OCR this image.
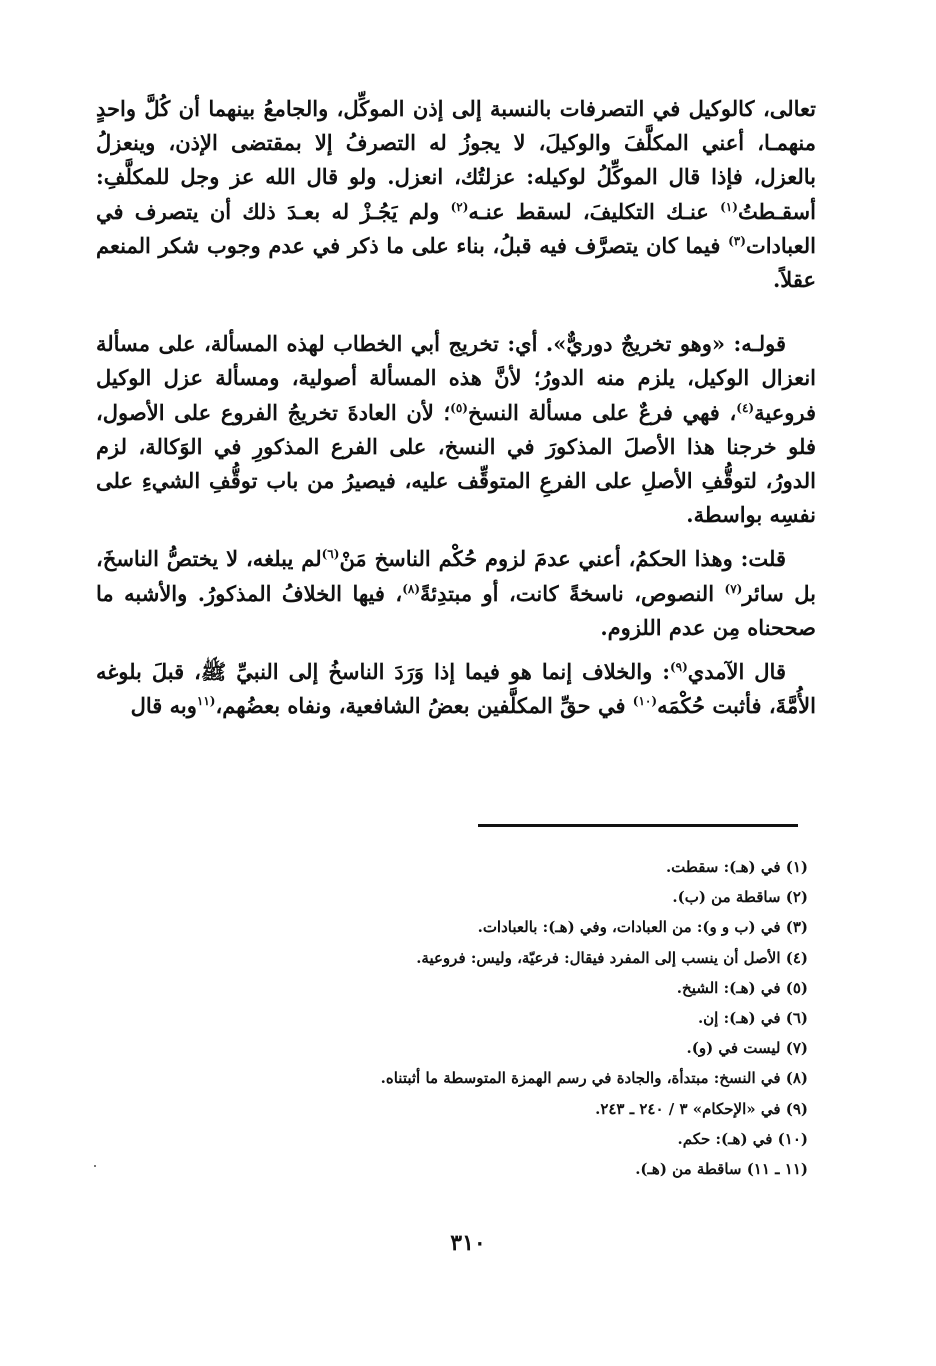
تعالى، كالوكيل في التصرفات بالنسبة إلى إذن الموكِّل، والجامعُ بينهما أن كُلَّ واحدٍ منهمـا، أعني المكلَّفَ والوكيلَ، لا يجوزُ له التصرفُ إلا بمقتضى الإذن، وينعزلُ بالعزل، فإذا قال الموكِّلُ لوكيله: عزلتُك، انعزل. ولو قال الله عز وجل للمكلَّفِ: أسقـطتُ$^{(١)}$ عنـك التكليفَ، لسقط عنـه$^{(٢)}$ ولم يَجُـزْ له بعـدَ ذلك أن يتصرف في العبادات$^{(٣)}$ فيما كان يتصرَّف فيه قبلُ، بناء على ما ذكر في عدم وجوب شكر المنعم عقلاً.

قولـه: «وهو تخريجٌ دوريٌّ». أي: تخريج أبي الخطاب لهذه المسألة، على مسألة انعزال الوكيل، يلزم منه الدورُ؛ لأنَّ هذه المسألة أصولية، ومسألة عزل الوكيل فروعية$^{(٤)}$، فهي فرعٌ على مسألة النسخ$^{(٥)}$؛ لأن العادةَ تخريجُ الفروع على الأصول، فلو خرجنا هذا الأصلَ المذكورَ في النسخ، على الفرع المذكورِ في الوَكالة، لزم الدورُ، لتوقُّفِ الأصلِ على الفرعِ المتوقِّف عليه، فيصيرُ من باب توقُّفِ الشيءِ على نفسِه بواسطة.

قلت: وهذا الحكمُ، أعني عدمَ لزوم حُكْم الناسخ مَنْ$^{(٦)}$لم يبلغه، لا يختصُّ الناسخَ، بل سائر$^{(٧)}$ النصوص، ناسخةً كانت، أو مبتدِئةً$^{(٨)}$، فيها الخلافُ المذكورُ. والأشبه ما صححناه مِن عدم اللزوم.

قال الآمدي$^{(٩)}$: والخلاف إنما هو فيما إذا وَرَدَ الناسخُ إلى النبيِّ ﷺ، قبلَ بلوغه الأُمَّةَ، فأثبت حُكْمَه$^{(١٠)}$ في حقِّ المكلَّفين بعضُ الشافعية، ونفاه بعضُهم،$^{(١١}$وبه قال

(١) في (هـ): سقطت.
(٢) ساقطة من (ب).
(٣) في (ب و و): من العبادات، وفي (هـ): بالعبادات.
(٤) الأصل أن ينسب إلى المفرد فيقال: فرعيّة، وليس: فروعية.
(٥) في (هـ): الشيخ.
(٦) في (هـ): إن.
(٧) ليست في (و).
(٨) في النسخ: مبتدأة، والجادة في رسم الهمزة المتوسطة ما أثبتناه.
(٩) في «الإحكام» ٣ / ٢٤٠ ـ ٢٤٣.
(١٠) في (هـ): حكم.
(١١ ـ ١١) ساقطة من (هـ).
٣١٠
